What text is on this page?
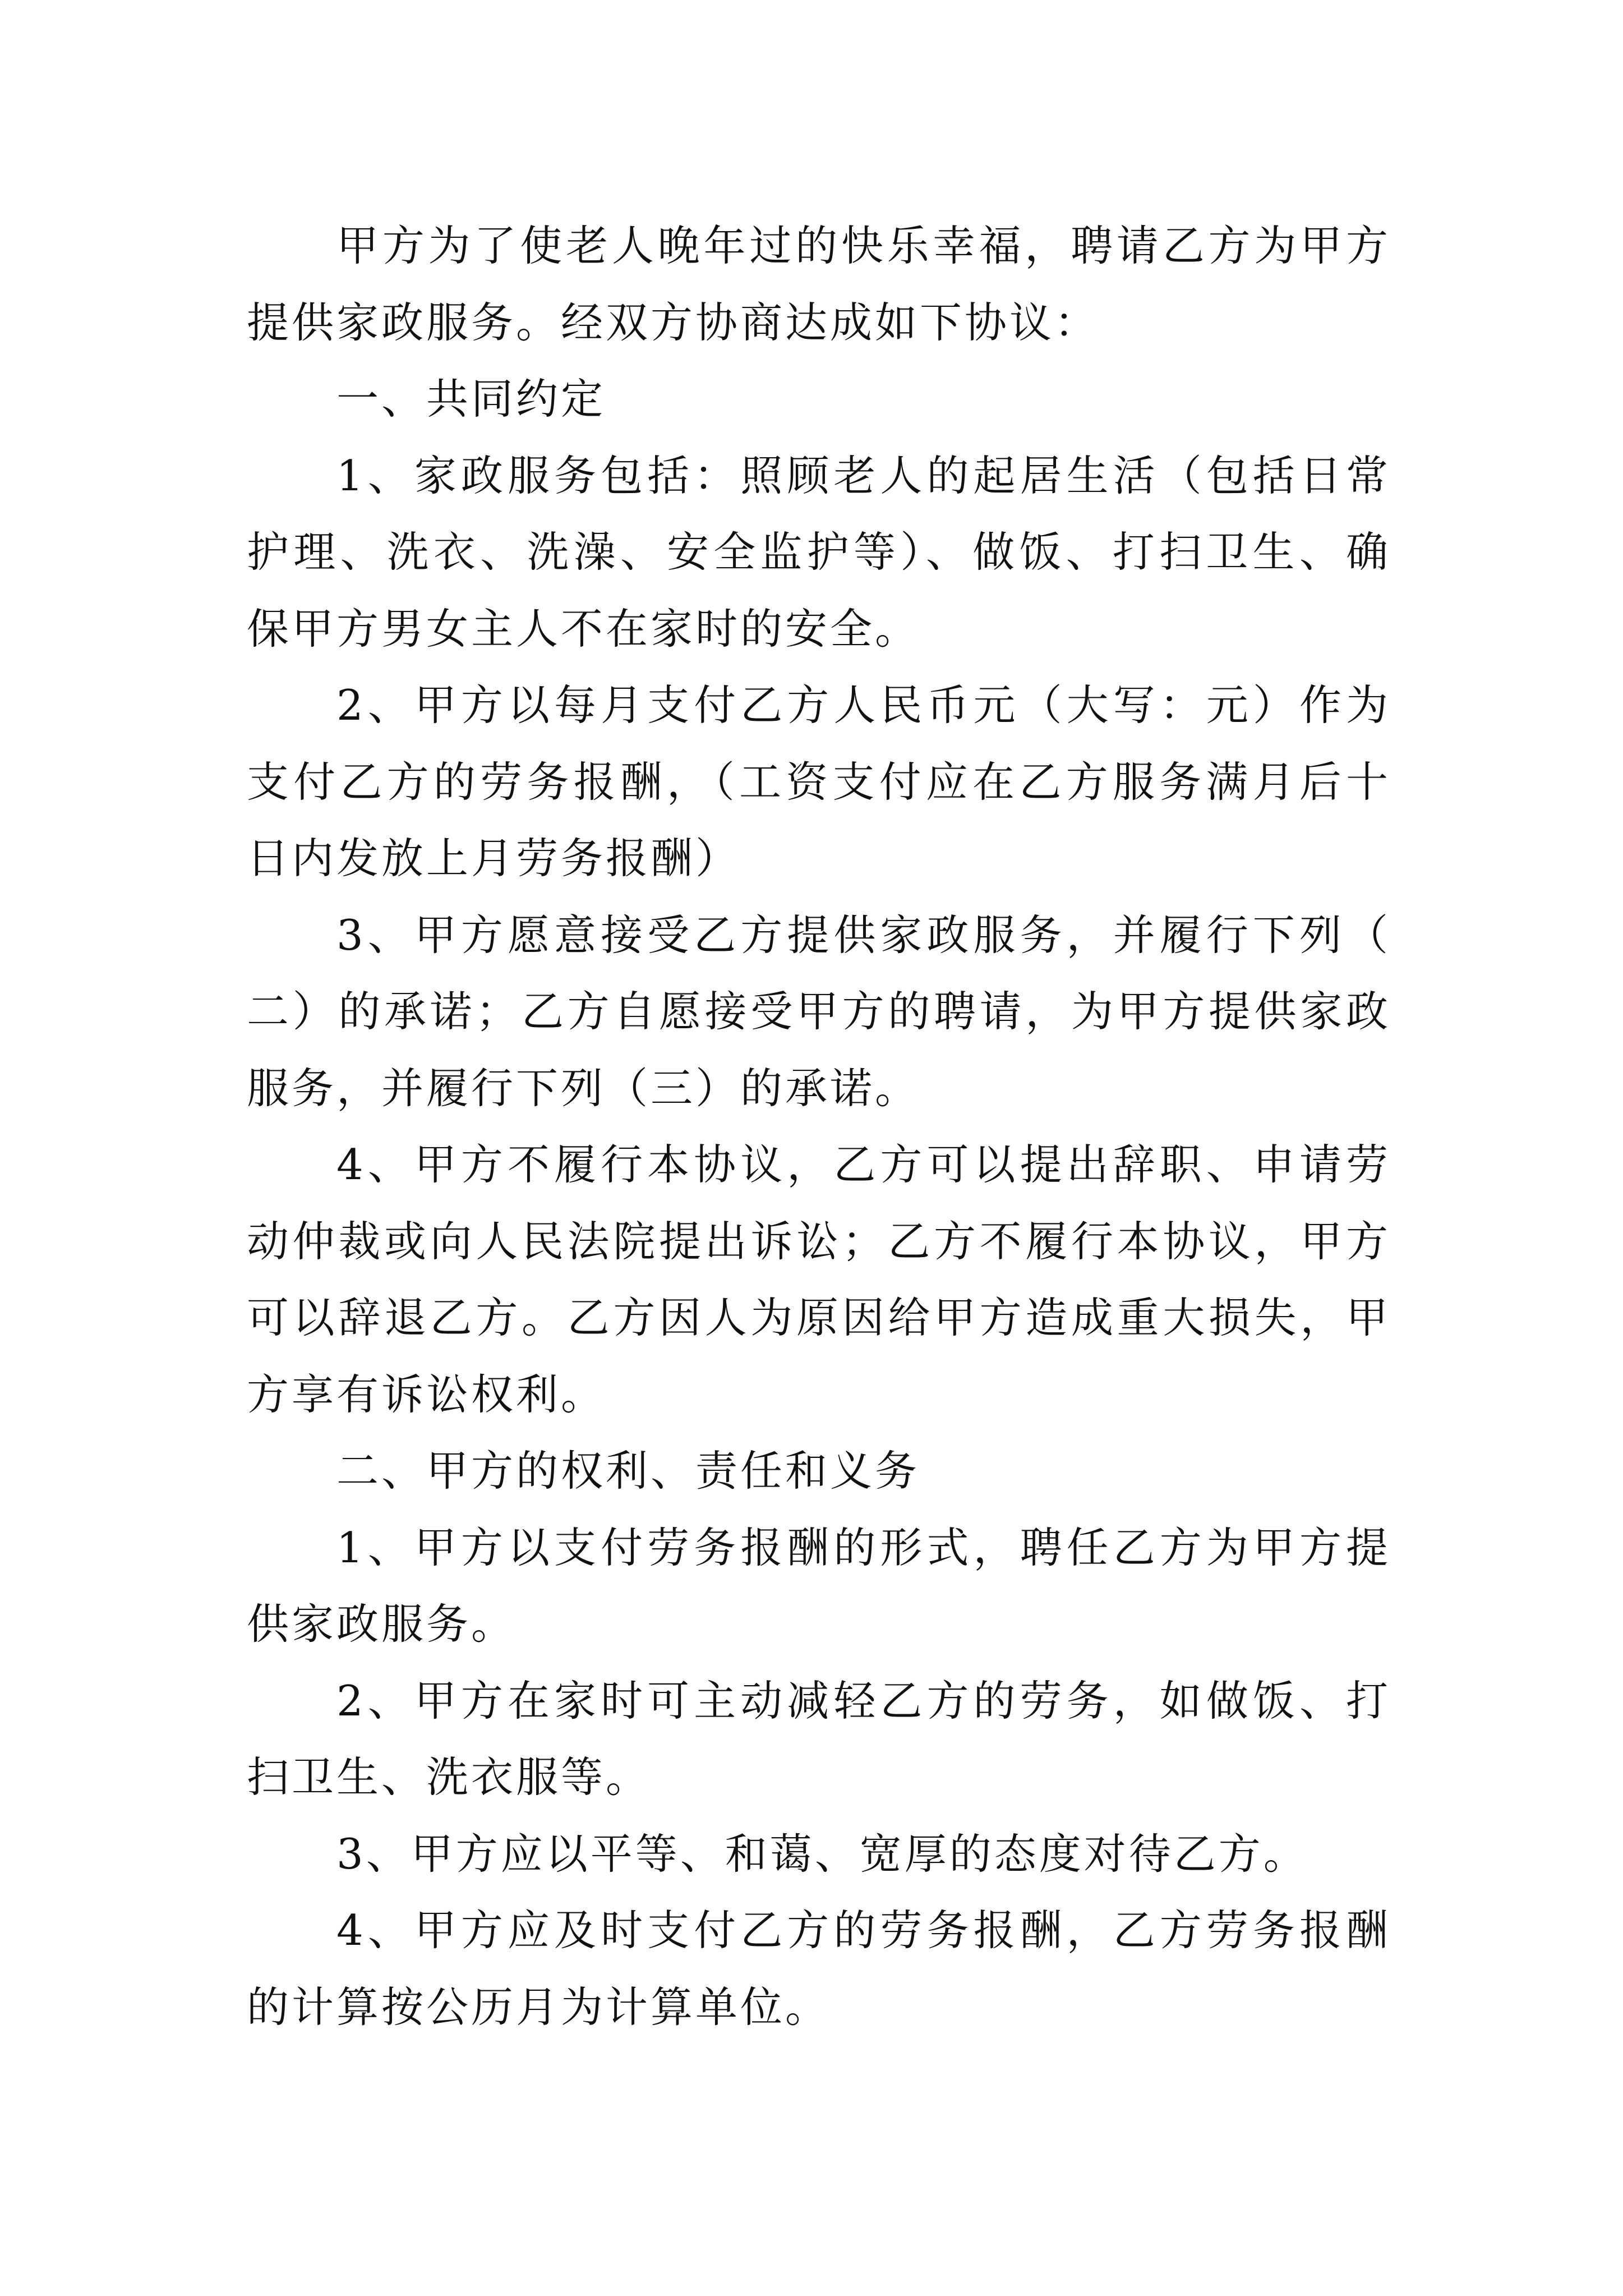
甲方为了使老人晚年过的快乐幸福，聘请乙方为甲方提供家政服务。经双方协商达成如下协议：

一、共同约定

1、家政服务包括：照顾老人的起居生活（包括日常护理、洗衣、洗澡、安全监护等）、做饭、打扫卫生、确保甲方男女主人不在家时的安全。

2、甲方以每月支付乙方人民币元（大写：元）作为支付乙方的劳务报酬，（工资支付应在乙方服务满月后十日内发放上月劳务报酬）

3、甲方愿意接受乙方提供家政服务，并履行下列（二）的承诺；乙方自愿接受甲方的聘请，为甲方提供家政服务，并履行下列（三）的承诺。

4、甲方不履行本协议，乙方可以提出辞职、申请劳动仲裁或向人民法院提出诉讼；乙方不履行本协议，甲方可以辞退乙方。乙方因人为原因给甲方造成重大损失，甲方享有诉讼权利。

二、甲方的权利、责任和义务

1、甲方以支付劳务报酬的形式，聘任乙方为甲方提供家政服务。

2、甲方在家时可主动减轻乙方的劳务，如做饭、打扫卫生、洗衣服等。

3、甲方应以平等、和蔼、宽厚的态度对待乙方。

4、甲方应及时支付乙方的劳务报酬，乙方劳务报酬的计算按公历月为计算单位。
